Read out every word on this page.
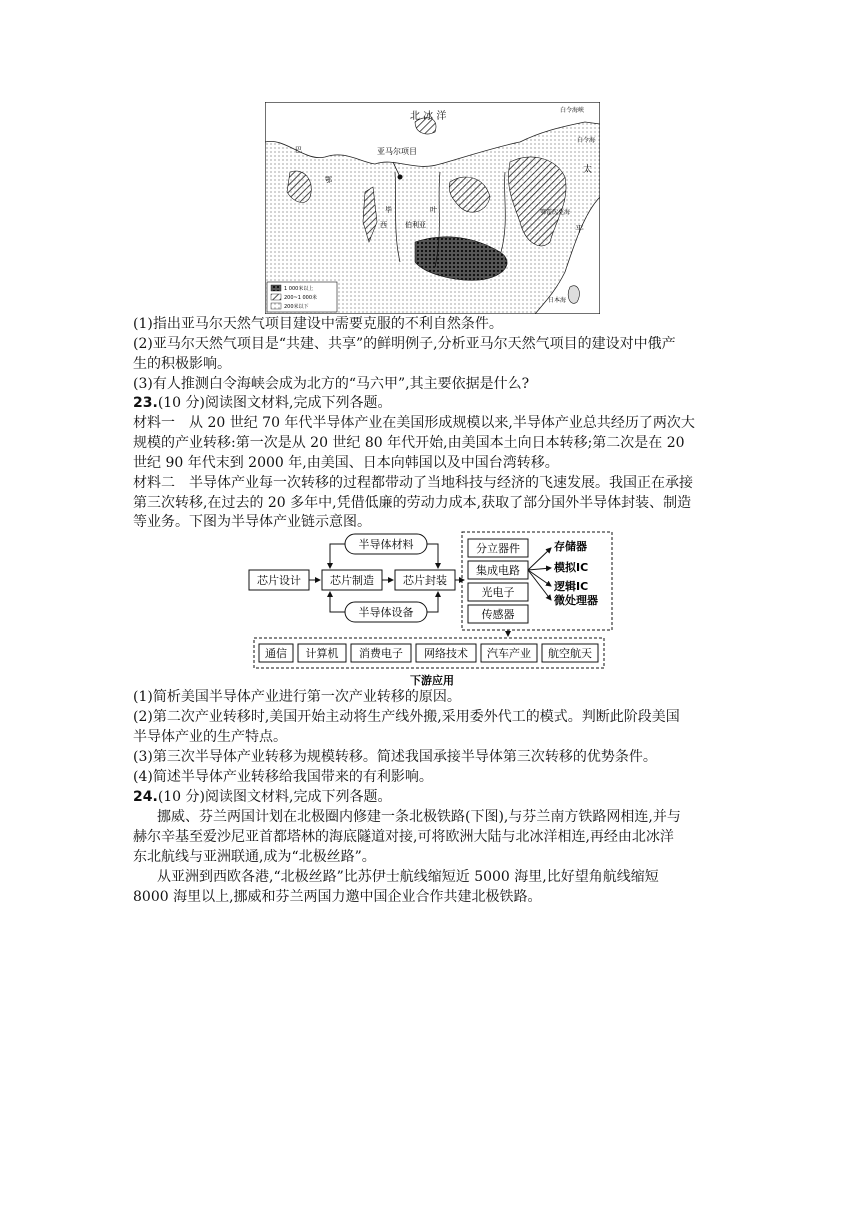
北 冰 洋
亚马尔项目
白令海峡
白令海
太
平
鄂霍次克海
日本海
巴
鄂
毕
西
叶
伯利亚
1 000米以上
200~1 000米
200米以下
(1)指出亚马尔天然气项目建设中需要克服的不利自然条件。
(2)亚马尔天然气项目是“共建、共享”的鲜明例子,分析亚马尔天然气项目的建设对中俄产
生的积极影响。
(3)有人推测白令海峡会成为北方的“马六甲”,其主要依据是什么?
23.(10 分)阅读图文材料,完成下列各题。
材料一　从 20 世纪 70 年代半导体产业在美国形成规模以来,半导体产业总共经历了两次大
规模的产业转移:第一次是从 20 世纪 80 年代开始,由美国本土向日本转移;第二次是在 20
世纪 90 年代末到 2000 年,由美国、日本向韩国以及中国台湾转移。
材料二　半导体产业每一次转移的过程都带动了当地科技与经济的飞速发展。我国正在承接
第三次转移,在过去的 20 多年中,凭借低廉的劳动力成本,获取了部分国外半导体封装、制造
等业务。下图为半导体产业链示意图。
芯片设计	芯片制造	芯片封装
半导体材料
半导体设备
分立器件
集成电路
光电子
传感器
存储器
模拟IC
逻辑IC
微处理器
通信 计算机 消费电子 网络技术 汽车产业 航空航天
下游应用
(1)简析美国半导体产业进行第一次产业转移的原因。
(2)第二次产业转移时,美国开始主动将生产线外搬,采用委外代工的模式。判断此阶段美国
半导体产业的生产特点。
(3)第三次半导体产业转移为规模转移。简述我国承接半导体第三次转移的优势条件。
(4)简述半导体产业转移给我国带来的有利影响。
24.(10 分)阅读图文材料,完成下列各题。
挪威、芬兰两国计划在北极圈内修建一条北极铁路(下图),与芬兰南方铁路网相连,并与
赫尔辛基至爱沙尼亚首都塔林的海底隧道对接,可将欧洲大陆与北冰洋相连,再经由北冰洋
东北航线与亚洲联通,成为“北极丝路”。
从亚洲到西欧各港,“北极丝路”比苏伊士航线缩短近 5000 海里,比好望角航线缩短
8000 海里以上,挪威和芬兰两国力邀中国企业合作共建北极铁路。
